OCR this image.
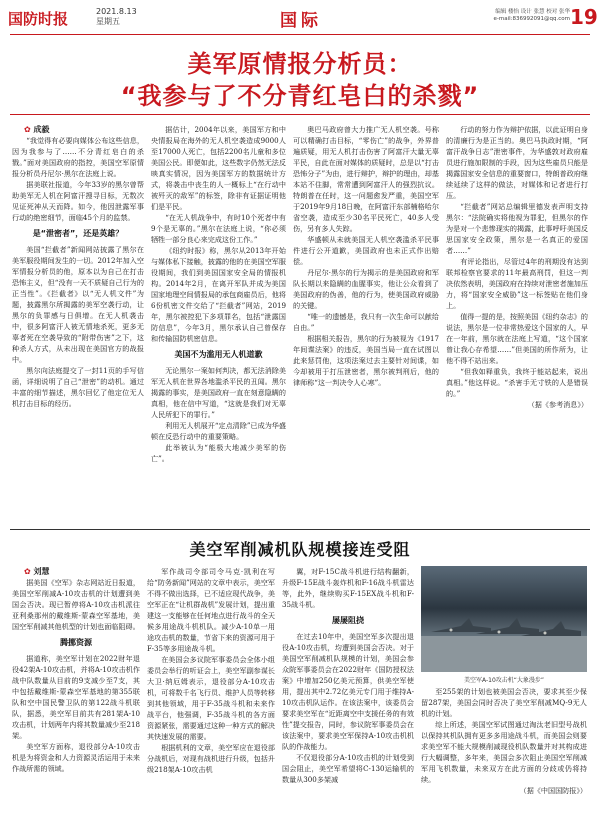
国防时报	2021.8.13
星期五	国际	编辑 楼怡 设计 张慧 校对 张华
e-mail:836992091@qq.com 19
美军原情报分析员：
“我参与了不分青红皂白的杀戮”

✿ 成毅

“我觉得有必要向媒体公布这些信息，因为我参与了……不分青红皂白的杀戮。”面对美国政府的指控，美国空军原情报分析员丹尼尔·黑尔在法庭上说。

据美联社报道，今年33岁的黑尔曾帮助美军无人机在阿富汗搜寻目标，无数次见证死神从天而降。如今，他因泄露军事行动的绝密细节，面临45个月的监禁。

是“泄密者”，还是英雄？

美国“拦截者”新闻网站披露了黑尔在美军服役期间发生的一切。2012年加入空军情报分析员的他，原本以为自己在打击恐怖主义，但“没有一天不质疑自己行为的正当性”。《拦截者》以“无人机文件”为题，披露黑尔所揭露的美军空袭行动，让黑尔的负罪感与日俱增。在无人机袭击中，很多阿富汗人被无情地杀死，更多无辜者死在空袭导致的“附带伤害”之下，这种杀人方式，从未出现在美国官方的战报中。

黑尔向法庭提交了一封11页的手写信函，详细说明了自己“泄密”的动机。通过丰富的细节描述，黑尔回忆了他定位无人机打击目标的经历。

据估计，2004年以来，美国军方和中央情报局在海外的无人机空袭造成9000人至17000人死亡，包括2200名儿童和多位美国公民。即便如此，这些数字仍然无法反映真实情况，因为美国军方的数据统计方式，将袭击中丧生的人一概标上“在行动中被歼灭的敌军”的标签，除非有证据证明他们是平民。

“在无人机战争中，有时10个死者中有9个是无辜的。”黑尔在法庭上说，“你必须牺牲一部分良心来完成这份工作。”

《纽约时报》称，黑尔从2013年开始与媒体私下接触，披露的他的在美国空军服役期间，我们到美国国家安全局的情报机构。2014年2月，在离开军队并成为美国国家地理空间情报局的承包商雇员后，他将6份机密文件交给了“拦截者”网站，2019年，黑尔被控犯下多项罪名，包括“泄露国防信息”，今年3月，黑尔承认自己曾保存和传输国防机密信息。

美国不为滥用无人机道歉

无论黑尔一案如何判决，都无法消除美军无人机在世界各地滥杀平民的丑闻。黑尔揭露的事实，是美国政府一直在刻意隐瞒的真相，他在信中写道，“这就是我们对无辜人民所犯下的罪行。”

利用无人机展开“定点清除”已成为华盛顿在反恐行动中的重要策略。

此举被认为“能极大地减少美军的伤亡”。

奥巴马政府曾大力推广无人机空袭。号称可以精确打击目标，“零伤亡”的战争，外界普遍质疑，用无人机打击伤害了阿富汗大量无辜平民，自此在面对媒体的质疑时，总是以“打击恐怖分子”为由，进行辩护，辩护的理由，却基本站不住脚，常常遭到阿富汗人的强烈抗议。特朗普在任时，这一问题愈发严重，美国空军于2019年9月18日晚，在阿富汗东部楠格哈尔省空袭，造成至少30名平民死亡，40多人受伤，另有多人失踪。

华盛顿从未就美国无人机空袭滥杀平民事件进行公开道歉，美国政府也未正式作出赔偿。

丹尼尔·黑尔的行为揭示的是美国政府和军队长期以来隐瞒的血腥事实，他让公众看到了美国政府的伪善，他的行为，使美国政府威胁的关键。

“唯一的遗憾是，我只有一次生命可以献给自由。”

根据相关报告，黑尔的行为被视为《1917年间谍法案》的违反，美国当局一直在试图以此来惩罚他，这项法案过去主要针对间谍，如今却被用于打压泄密者，黑尔被判刑后，他的律师称“这一判决令人心寒”。

行动的努力作为辩护依据，以此证明自身的清廉行为是正当的。奥巴马执政时期，“阿富汗战争日志”泄密事件，为华盛敦对政府雇员进行施加限制的手段，因为这些雇员只能是揭露国家安全信息的重要窗口，特朗普政府继续延续了这样的做法，对媒体和记者进行打压。

“拦截者”网站总编辑里德发表声明支持黑尔：“法院确实将他视为罪犯，但黑尔的作为是对一个悲惨现实的揭露，此事呼吁美国反思国家安全政策，黑尔是一名真正的爱国者……”

有评论指出，尽管过4年的刑期没有达到联邦检察官要求的11年最高刑罚，但这一判决依然表明，美国政府在持续对泄密者施加压力，将“国家安全威胁”这一标签贴在他们身上。

值得一提的是，按照美国《纽约杂志》的说法，黑尔是一位非常热爱这个国家的人，早在一年前，黑尔就在法庭上写道，“这个国家曾让我心存希望……”但美国的所作所为，让他不得不站出来。

“但我如释重负，我终于能站起来，说出真相。”他这样说。“杀害手无寸铁的人是错误的。”

（据《参考消息》）

美空军削减机队规模接连受阻

✿ 刘慧

据美国《空军》杂志网站近日报道，美国空军削减A-10攻击机的计划遭到美国会否决。现已暂停将A-10攻击机派往亚利桑那州的戴维斯-蒙森空军基地，美国空军削减其他机型的计划也面临阻碍。

腾挪资源

据道称，美空军计划在2022财年退役42架A-10攻击机，并将A-10攻击机作战中队数量从目前的9支减少至7支，其中包括戴维斯-蒙森空军基地的第355联队和空中国民警卫队的第122战斗机联队，据悉，美空军目前共有281架A-10攻击机，计划两年内将其数量减少至218架。

美空军方面称，退役部分A-10攻击机是为将资金和人力资源灵活运用于未来作战所需的领域。

军作战司令部司令马克·凯利在写给“防务新闻”网站的文章中表示，美空军不得不做出选择，已不适应现代战争，美空军正在“让机群战机”发展计划，提出重建这一支能够在任何地点进行战斗的全天候多用途战斗机机队。减少A-10单一用途攻击机的数量，节省下来的资源可用于F-35等多用途战斗机。

在美国会多议院军事委员会全体小组委员会举行的听证会上，美空军副参谋长大卫·纳厄姆表示，退役部分A-10攻击机，可将数千名飞行员、维护人员等转移到其他领域，用于F-35战斗机和未来作战平台，他强调，F-35战斗机的各方面资源紧张，需要通过这种一种方式的解决其快速发展的需要。

根据机利的文章，美空军应在退役部分战机后，对现有战机进行升级，包括升级218架A-10攻击机

翼，对F-15C战斗机进行结构翻新，升级F-15E战斗轰炸机和F-16战斗机雷达等，此外，继续购买F-15EX战斗机和F-35战斗机。

屡屡阻挠

在过去10年中，美国空军多次提出退役A-10攻击机，均遭到美国会否决。对于美国空军削减机队规模的计划，美国会参众院军事委员会在2022财年《国防授权法案》中增加250亿美元预算，供美空军使用，提出其中2.72亿美元专门用于维持A-10攻击机队运作。在该法案中，该委员会要求美空军在“近距离空中支援任务的有效性”提交报告，同时，参议院军事委员会在该法案中，要求美空军保持A-10攻击机机队的作战能力。

不仅退役部分A-10攻击机的计划受到国会阻止，美空军希望将C-130运输机的数量从300多架减

美空军A-10攻击机“大象漫步”

至255架的计划也被美国会否决，要求其至少保留287架，美国会同时否决了美空军削减MQ-9无人机的计划。

综上所述，美国空军试图通过淘汰老旧型号战机以保持其机队拥有更多多用途战斗机，而美国会则要求美空军不能大规模削减现役机队数量并对其构成进行大幅调整，多年来，美国会多次阻止美国空军削减军用飞机数量，未来双方在此方面的分歧或仍将持续。

（据《中国国防报》）
